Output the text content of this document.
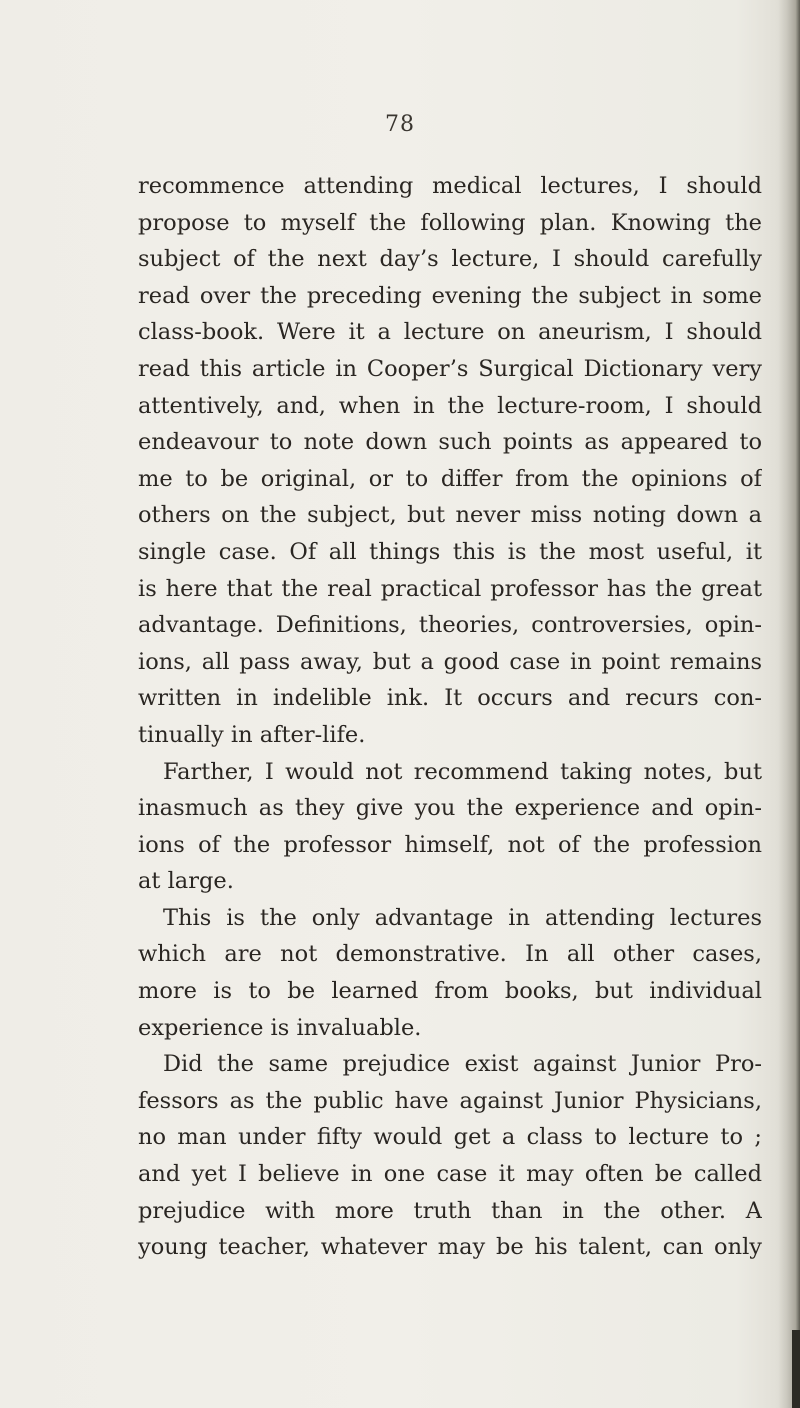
78
recommence attending medical lectures, I should
propose to myself the following plan. Knowing the
subject of the next day’s lecture, I should carefully
read over the preceding evening the subject in some
class-book. Were it a lecture on aneurism, I should
read this article in Cooper’s Surgical Dictionary very
attentively, and, when in the lecture-room, I should
endeavour to note down such points as appeared to
me to be original, or to differ from the opinions of
others on the subject, but never miss noting down a
single case. Of all things this is the most useful, it
is here that the real practical professor has the great
advantage. Definitions, theories, controversies, opin-
ions, all pass away, but a good case in point remains
written in indelible ink. It occurs and recurs con-
tinually in after-life.
Farther, I would not recommend taking notes, but
inasmuch as they give you the experience and opin-
ions of the professor himself, not of the profession
at large.
This is the only advantage in attending lectures
which are not demonstrative. In all other cases,
more is to be learned from books, but individual
experience is invaluable.
Did the same prejudice exist against Junior Pro-
fessors as the public have against Junior Physicians,
no man under fifty would get a class to lecture to ;
and yet I believe in one case it may often be called
prejudice with more truth than in the other. A
young teacher, whatever may be his talent, can only
